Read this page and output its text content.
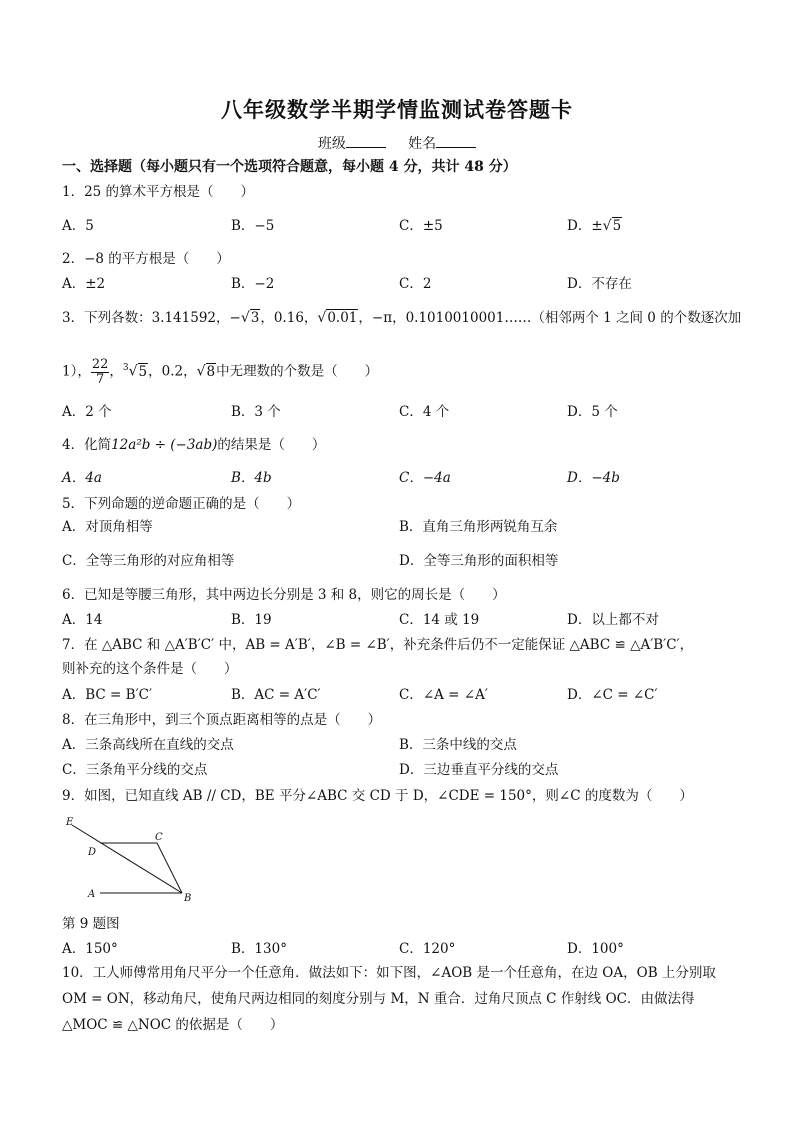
八年级数学半期学情监测试卷答题卡
班级	姓名
一、选择题（每小题只有一个选项符合题意，每小题 4 分，共计 48 分）
1．25 的算术平方根是（　　）
A．5	B．−5	C．±5	D．±√5
2．−8 的平方根是（　　）
A．±2	B．−2	C．2	D．不存在
3．下列各数：3.141592，−√3，0.16，√0.01，−π，0.1010010001……（相邻两个 1 之间 0 的个数逐次加
1）， $\frac{22}{7}$ ，$^3$√5，0.2，√8中无理数的个数是（　　）
A．2 个	B．3 个	C．4 个	D．5 个
4．化简12a²b ÷ (−3ab)的结果是（　　）
A．4a	B．4b	C．−4a	D．−4b
5．下列命题的逆命题正确的是（　　）
A．对顶角相等	B．直角三角形两锐角互余
C．全等三角形的对应角相等	D．全等三角形的面积相等
6．已知是等腰三角形，其中两边长分别是 3 和 8，则它的周长是（　　）
A．14	B．19	C．14 或 19	D．以上都不对
7．在 △ABC 和 △A′B′C′ 中，AB = A′B′，∠B = ∠B′，补充条件后仍不一定能保证 △ABC ≌ △A′B′C′，
则补充的这个条件是（　　）
A．BC = B′C′	B．AC = A′C′	C．∠A = ∠A′	D．∠C = ∠C′
8．在三角形中，到三个顶点距离相等的点是（　　）
A．三条高线所在直线的交点	B．三条中线的交点
C．三条角平分线的交点	D．三边垂直平分线的交点
9．如图，已知直线 AB // CD，BE 平分∠ABC 交 CD 于 D，∠CDE = 150°，则∠C 的度数为（　　）
E
C
D
A	B
第 9 题图
A．150°	B．130°	C．120°	D．100°
10．工人师傅常用角尺平分一个任意角．做法如下：如下图，∠AOB 是一个任意角，在边 OA，OB 上分别取
OM = ON，移动角尺，使角尺两边相同的刻度分别与 M，N 重合．过角尺顶点 C 作射线 OC．由做法得
△MOC ≌ △NOC 的依据是（　　）
